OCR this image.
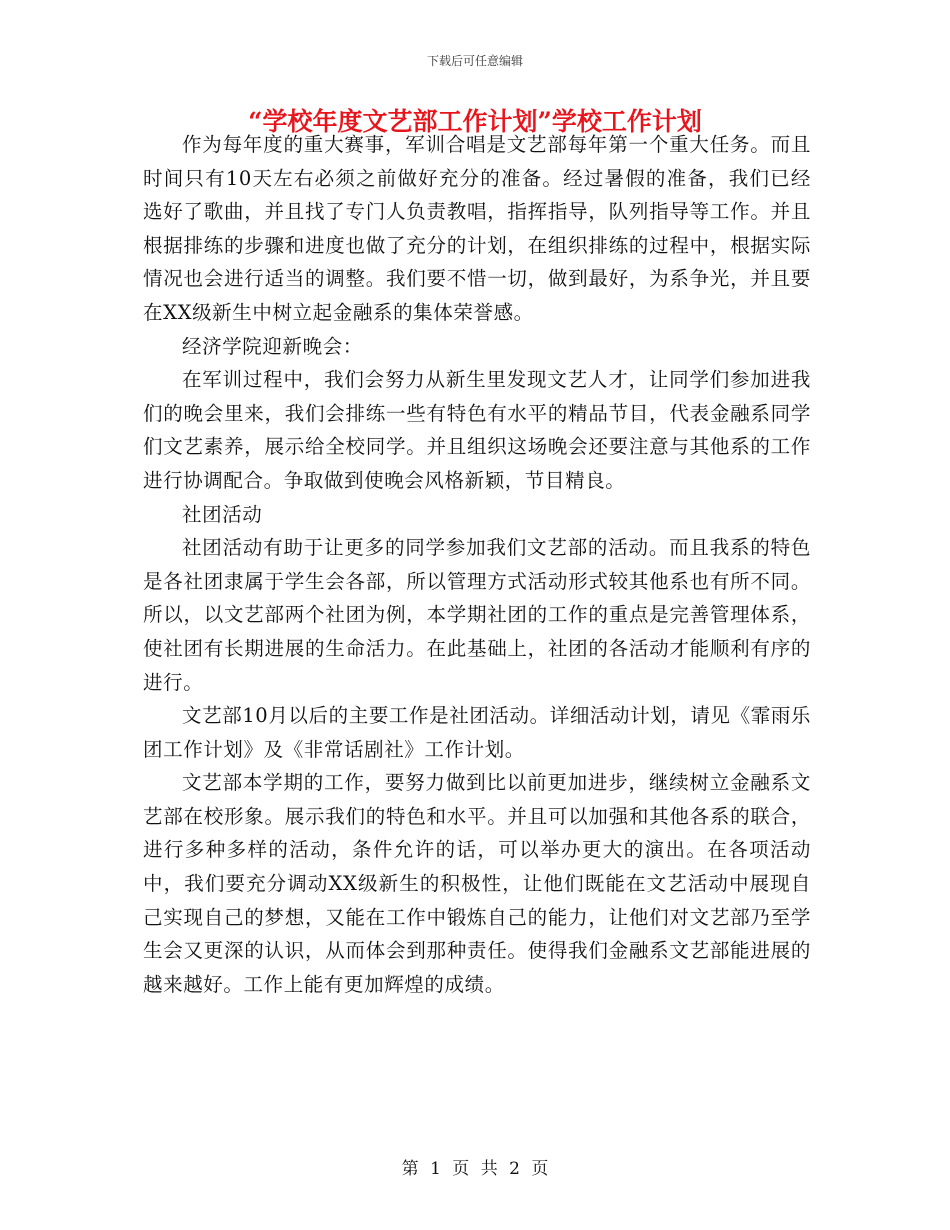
下载后可任意编辑
“学校年度文艺部工作计划”学校工作计划

作为每年度的重大赛事，军训合唱是文艺部每年第一个重大任务。而且时间只有10天左右必须之前做好充分的准备。经过暑假的准备，我们已经选好了歌曲，并且找了专门人负责教唱，指挥指导，队列指导等工作。并且根据排练的步骤和进度也做了充分的计划，在组织排练的过程中，根据实际情况也会进行适当的调整。我们要不惜一切，做到最好，为系争光，并且要在XX级新生中树立起金融系的集体荣誉感。

经济学院迎新晚会：

在军训过程中，我们会努力从新生里发现文艺人才，让同学们参加进我们的晚会里来，我们会排练一些有特色有水平的精品节目，代表金融系同学们文艺素养，展示给全校同学。并且组织这场晚会还要注意与其他系的工作进行协调配合。争取做到使晚会风格新颖，节目精良。

社团活动

社团活动有助于让更多的同学参加我们文艺部的活动。而且我系的特色是各社团隶属于学生会各部，所以管理方式活动形式较其他系也有所不同。所以，以文艺部两个社团为例，本学期社团的工作的重点是完善管理体系，使社团有长期进展的生命活力。在此基础上，社团的各活动才能顺利有序的进行。

文艺部10月以后的主要工作是社团活动。详细活动计划，请见《霏雨乐团工作计划》及《非常话剧社》工作计划。

文艺部本学期的工作，要努力做到比以前更加进步，继续树立金融系文艺部在校形象。展示我们的特色和水平。并且可以加强和其他各系的联合，进行多种多样的活动，条件允许的话，可以举办更大的演出。在各项活动中，我们要充分调动XX级新生的积极性，让他们既能在文艺活动中展现自己实现自己的梦想，又能在工作中锻炼自己的能力，让他们对文艺部乃至学生会又更深的认识，从而体会到那种责任。使得我们金融系文艺部能进展的越来越好。工作上能有更加辉煌的成绩。

第 1 页 共 2 页
